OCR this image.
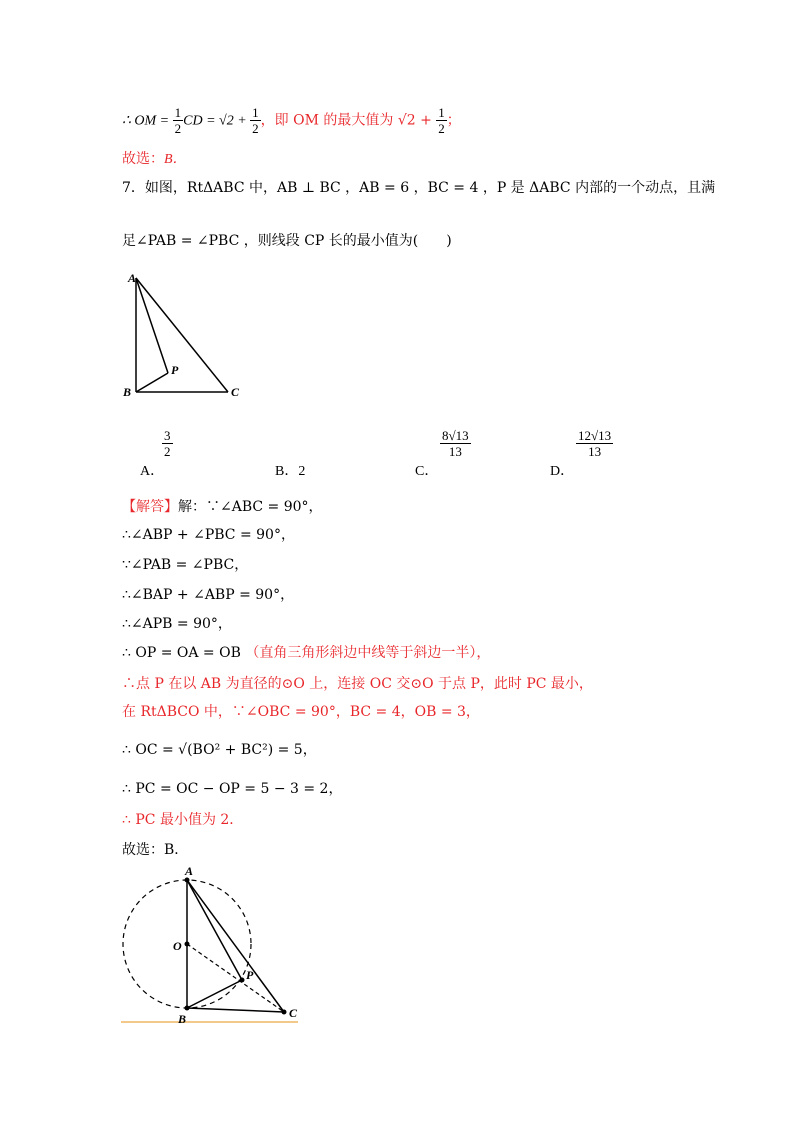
∴ OM = $\frac{1}{2}$ CD = $√2 + \frac{1}{2}$ ，即 OM 的最大值为 $√2 + \frac{1}{2}$ ；
故选：B．
7．如图，RtΔABC 中，AB ⊥ BC ，AB = 6 ，BC = 4 ，P 是 ΔABC 内部的一个动点，且满
足∠PAB = ∠PBC ，则线段 CP 长的最小值为(　　)
A
B	C
P
$\frac{3}{2}$
A．	B．2
$\frac{8√13}{13}$
C．
$\frac{12√13}{13}$
D．
【解答】解：∵∠ABC = 90°，
∴∠ABP + ∠PBC = 90°，
∵∠PAB = ∠PBC，
∴∠BAP + ∠ABP = 90°，
∴∠APB = 90°，
∴ OP = OA = OB （直角三角形斜边中线等于斜边一半），
∴点 P 在以 AB 为直径的⊙O 上，连接 OC 交⊙O 于点 P，此时 PC 最小，
在 RtΔBCO 中，∵∠OBC = 90°，BC = 4，OB = 3，
∴ OC = √(BO² + BC²) = 5，
∴ PC = OC − OP = 5 − 3 = 2，
∴ PC 最小值为 2．
故选：B．
A
O
P
B	C
